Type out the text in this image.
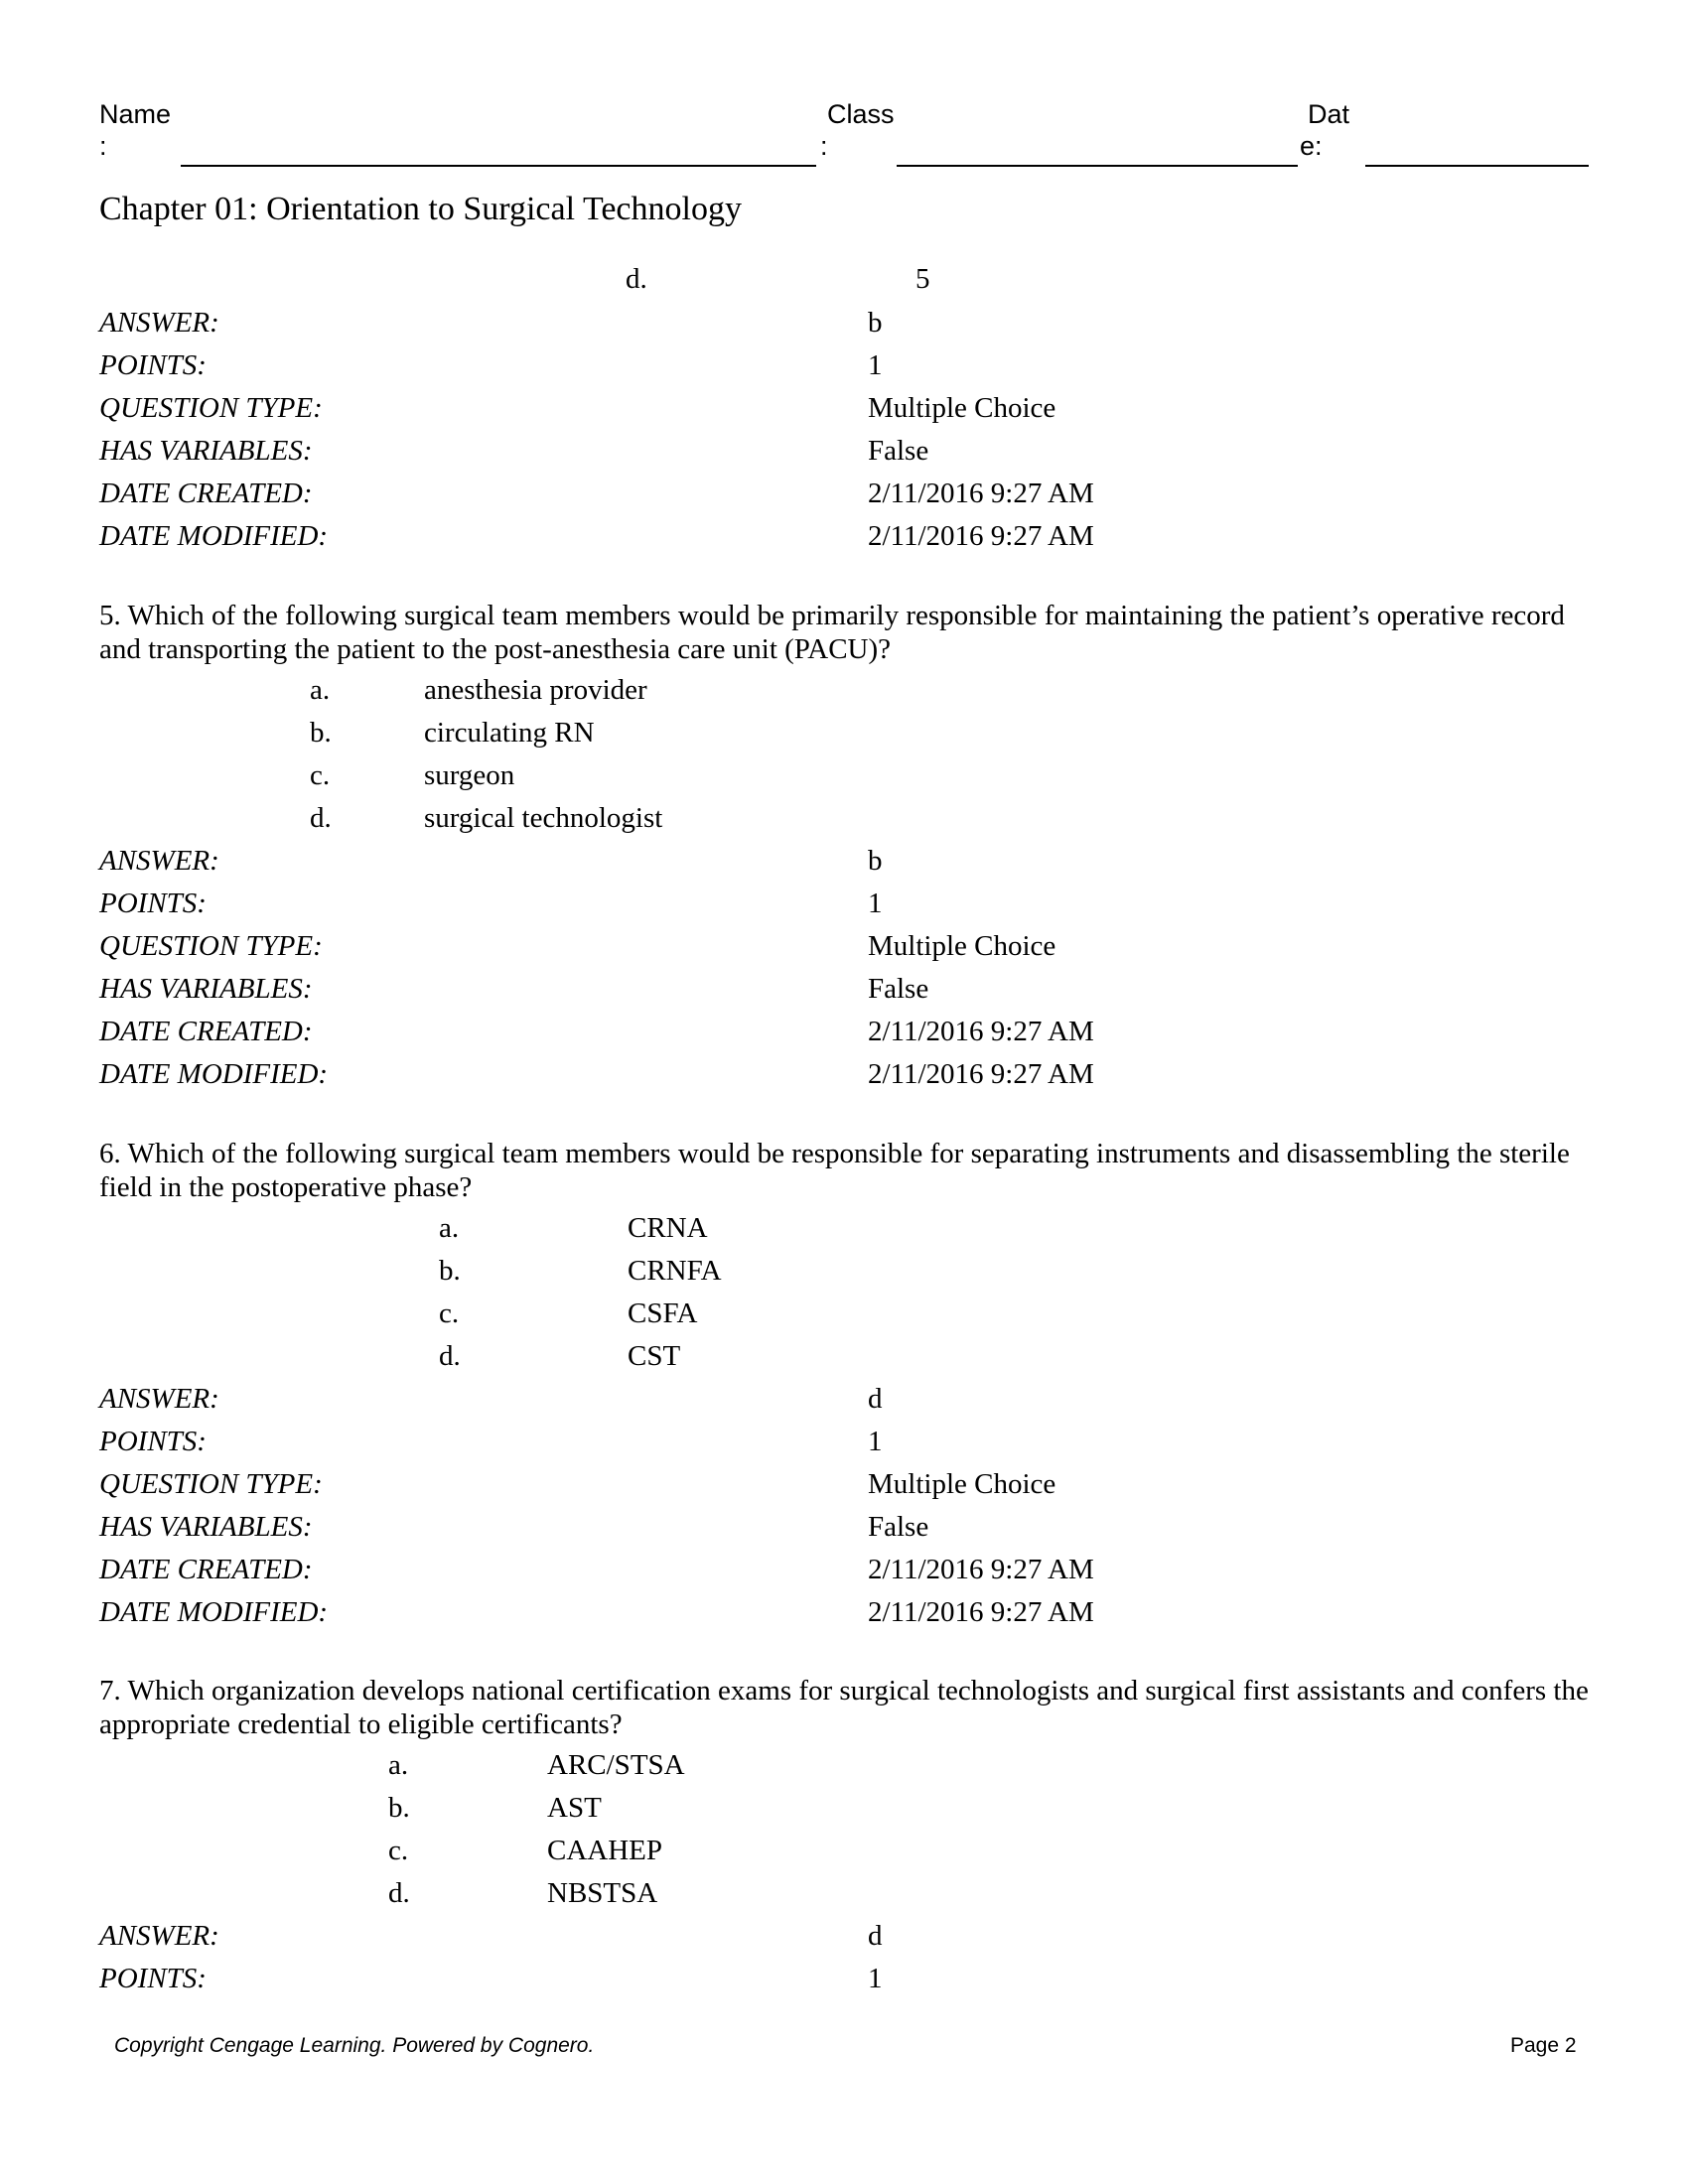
Name
:
Class
:
Dat
e:
Chapter 01: Orientation to Surgical Technology
d.	5
ANSWER:	b
POINTS:	1
QUESTION TYPE:	Multiple Choice
HAS VARIABLES:	False
DATE CREATED:	2/11/2016 9:27 AM
DATE MODIFIED:	2/11/2016 9:27 AM
5. Which of the following surgical team members would be primarily responsible for maintaining the patient’s operative record and transporting the patient to the post-anesthesia care unit (PACU)?
a.	anesthesia provider
b.	circulating RN
c.	surgeon
d.	surgical technologist
ANSWER:	b
POINTS:	1
QUESTION TYPE:	Multiple Choice
HAS VARIABLES:	False
DATE CREATED:	2/11/2016 9:27 AM
DATE MODIFIED:	2/11/2016 9:27 AM
6. Which of the following surgical team members would be responsible for separating instruments and disassembling the sterile field in the postoperative phase?
a.	CRNA
b.	CRNFA
c.	CSFA
d.	CST
ANSWER:	d
POINTS:	1
QUESTION TYPE:	Multiple Choice
HAS VARIABLES:	False
DATE CREATED:	2/11/2016 9:27 AM
DATE MODIFIED:	2/11/2016 9:27 AM
7. Which organization develops national certification exams for surgical technologists and surgical first assistants and confers the appropriate credential to eligible certificants?
a.	ARC/STSA
b.	AST
c.	CAAHEP
d.	NBSTSA
ANSWER:	d
POINTS:	1
Copyright Cengage Learning. Powered by Cognero.	Page 2
